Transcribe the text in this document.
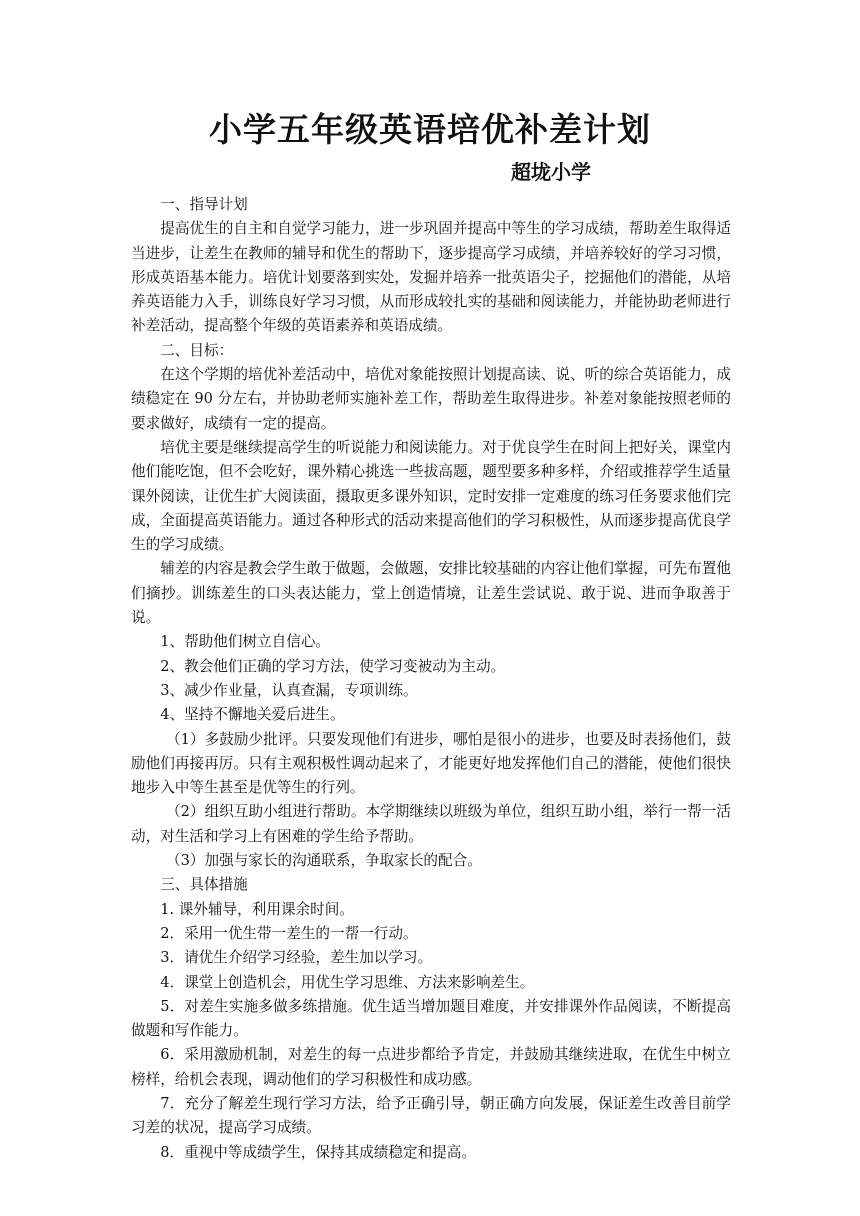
小学五年级英语培优补差计划
超垅小学

一、指导计划

提高优生的自主和自觉学习能力，进一步巩固并提高中等生的学习成绩，帮助差生取得适当进步，让差生在教师的辅导和优生的帮助下，逐步提高学习成绩，并培养较好的学习习惯，形成英语基本能力。培优计划要落到实处，发掘并培养一批英语尖子，挖掘他们的潜能，从培养英语能力入手，训练良好学习习惯，从而形成较扎实的基础和阅读能力，并能协助老师进行补差活动，提高整个年级的英语素养和英语成绩。

二、目标：

在这个学期的培优补差活动中，培优对象能按照计划提高读、说、听的综合英语能力，成绩稳定在 90 分左右，并协助老师实施补差工作，帮助差生取得进步。补差对象能按照老师的要求做好，成绩有一定的提高。

培优主要是继续提高学生的听说能力和阅读能力。对于优良学生在时间上把好关，课堂内他们能吃饱，但不会吃好，课外精心挑选一些拔高题，题型要多种多样，介绍或推荐学生适量课外阅读，让优生扩大阅读面，摄取更多课外知识，定时安排一定难度的练习任务要求他们完成，全面提高英语能力。通过各种形式的活动来提高他们的学习积极性，从而逐步提高优良学生的学习成绩。

辅差的内容是教会学生敢于做题，会做题，安排比较基础的内容让他们掌握，可先布置他们摘抄。训练差生的口头表达能力，堂上创造情境，让差生尝试说、敢于说、进而争取善于说。

1、帮助他们树立自信心。

2、教会他们正确的学习方法，使学习变被动为主动。

3、减少作业量，认真查漏，专项训练。

4、坚持不懈地关爱后进生。

（1）多鼓励少批评。只要发现他们有进步，哪怕是很小的进步，也要及时表扬他们，鼓励他们再接再厉。只有主观积极性调动起来了，才能更好地发挥他们自己的潜能，使他们很快地步入中等生甚至是优等生的行列。

（2）组织互助小组进行帮助。本学期继续以班级为单位，组织互助小组，举行一帮一活动，对生活和学习上有困难的学生给予帮助。

（3）加强与家长的沟通联系，争取家长的配合。

三、具体措施

1. 课外辅导，利用课余时间。

2．采用一优生带一差生的一帮一行动。

3．请优生介绍学习经验，差生加以学习。

4．课堂上创造机会，用优生学习思维、方法来影响差生。

5．对差生实施多做多练措施。优生适当增加题目难度，并安排课外作品阅读，不断提高做题和写作能力。

6．采用激励机制，对差生的每一点进步都给予肯定，并鼓励其继续进取，在优生中树立榜样，给机会表现，调动他们的学习积极性和成功感。

7．充分了解差生现行学习方法，给予正确引导，朝正确方向发展，保证差生改善目前学习差的状况，提高学习成绩。

8．重视中等成绩学生，保持其成绩稳定和提高。
